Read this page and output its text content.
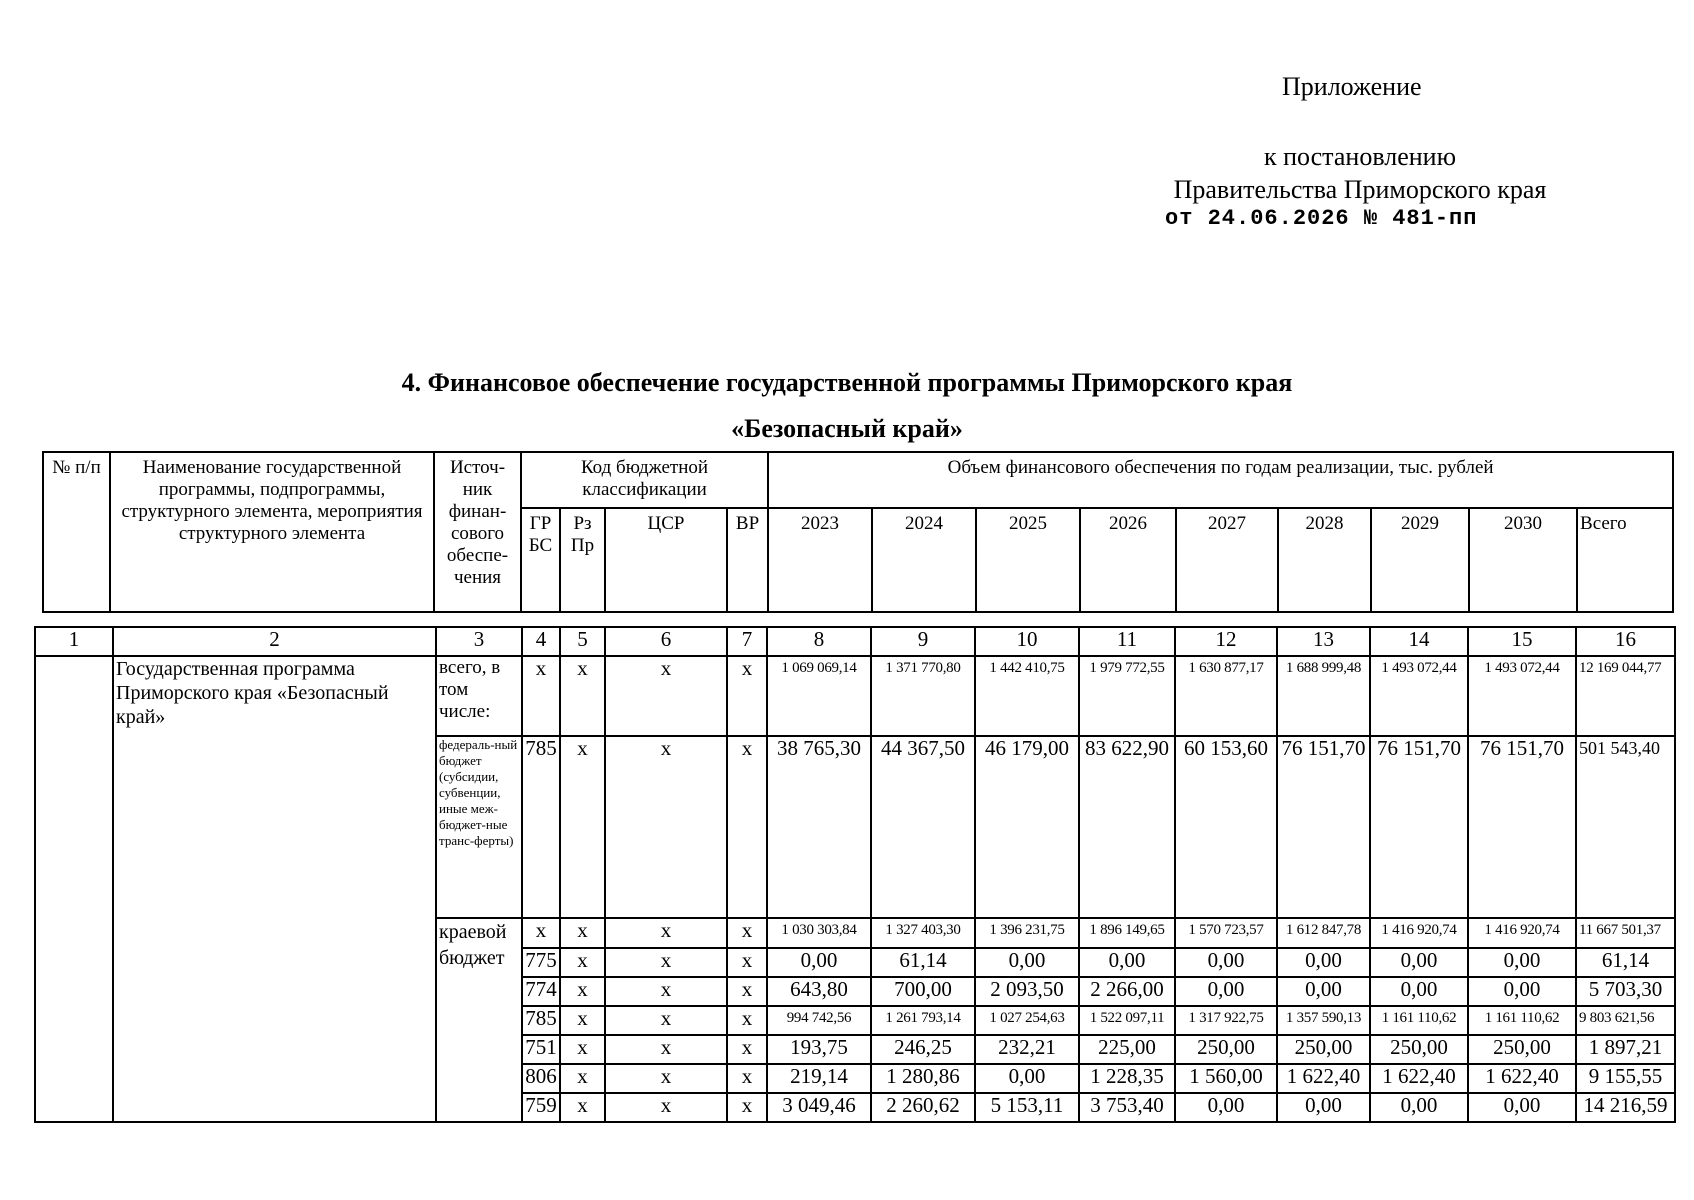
Приложение
к постановлению
Правительства Приморского края
от 24.06.2026 № 481-пп
4. Финансовое обеспечение государственной программы Приморского края
«Безопасный край»
№ п/п	Наименование государственной программы, подпрограммы, структурного элемента, мероприятия структурного элемента	Источ-ник финан-сового обеспе-чения	Код бюджетной классификации				Объем финансового обеспечения по годам реализации, тыс. рублей								
			ГР БС	Рз Пр	ЦСР	ВР	2023	2024	2025	2026	2027	2028	2029	2030	Всего
1	2	3	4	5	6	7	8	9	10	11	12	13	14	15	16
	Государственная программа Приморского края «Безопасный край»	всего, в том числе:	x	x	x	x	1 069 069,14	1 371 770,80	1 442 410,75	1 979 772,55	1 630 877,17	1 688 999,48	1 493 072,44	1 493 072,44	12 169 044,77
		федераль-ный бюджет (субсидии, субвенции, иные меж-бюджет-ные транс-ферты)	785	x	x	x	38 765,30	44 367,50	46 179,00	83 622,90	60 153,60	76 151,70	76 151,70	76 151,70	501 543,40
		краевой бюджет	x	x	x	x	1 030 303,84	1 327 403,30	1 396 231,75	1 896 149,65	1 570 723,57	1 612 847,78	1 416 920,74	1 416 920,74	11 667 501,37
			775	x	x	x	0,00	61,14	0,00	0,00	0,00	0,00	0,00	0,00	61,14
			774	x	x	x	643,80	700,00	2 093,50	2 266,00	0,00	0,00	0,00	0,00	5 703,30
			785	x	x	x	994 742,56	1 261 793,14	1 027 254,63	1 522 097,11	1 317 922,75	1 357 590,13	1 161 110,62	1 161 110,62	9 803 621,56
			751	x	x	x	193,75	246,25	232,21	225,00	250,00	250,00	250,00	250,00	1 897,21
			806	x	x	x	219,14	1 280,86	0,00	1 228,35	1 560,00	1 622,40	1 622,40	1 622,40	9 155,55
			759	x	x	x	3 049,46	2 260,62	5 153,11	3 753,40	0,00	0,00	0,00	0,00	14 216,59
